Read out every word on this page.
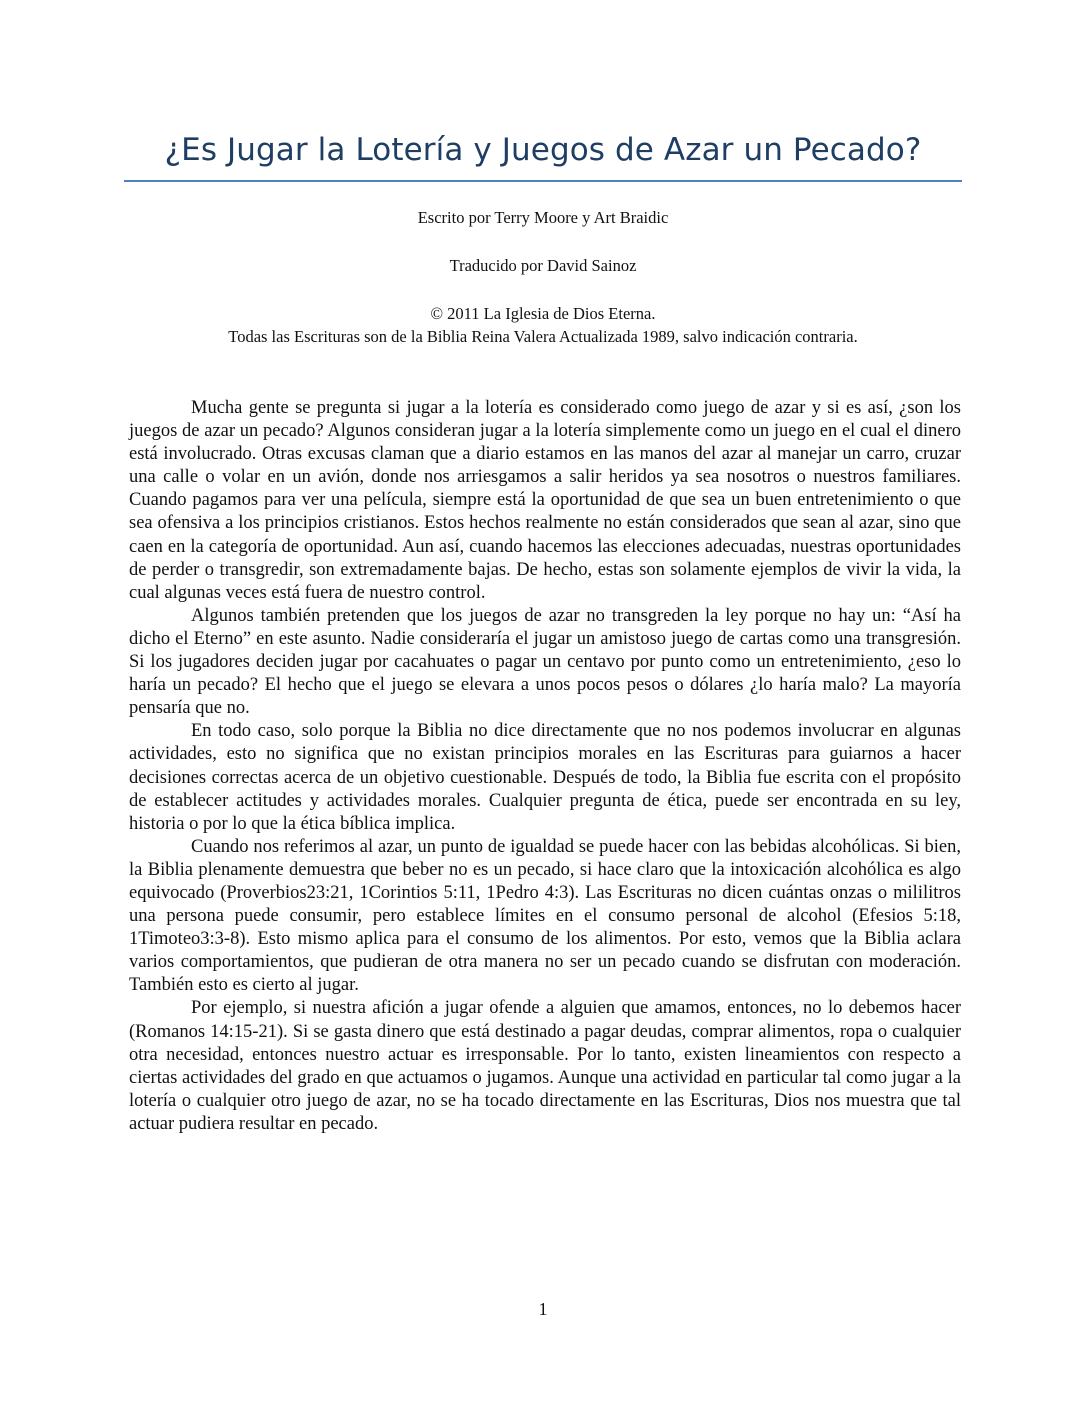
¿Es Jugar la Lotería y Juegos de Azar un Pecado?

Escrito por Terry Moore y Art Braidic

Traducido por David Sainoz

© 2011 La Iglesia de Dios Eterna.

Todas las Escrituras son de la Biblia Reina Valera Actualizada 1989, salvo indicación contraria.

Mucha gente se pregunta si jugar a la lotería es considerado como juego de azar y si es así, ¿son los juegos de azar un pecado? Algunos consideran jugar a la lotería simplemente como un juego en el cual el dinero está involucrado. Otras excusas claman que a diario estamos en las manos del azar al manejar un carro, cruzar una calle o volar en un avión, donde nos arriesgamos a salir heridos ya sea nosotros o nuestros familiares. Cuando pagamos para ver una película, siempre está la oportunidad de que sea un buen entretenimiento o que sea ofensiva a los principios cristianos. Estos hechos realmente no están considerados que sean al azar, sino que caen en la categoría de oportunidad. Aun así, cuando hacemos las elecciones adecuadas, nuestras oportunidades de perder o transgredir, son extremadamente bajas. De hecho, estas son solamente ejemplos de vivir la vida, la cual algunas veces está fuera de nuestro control.

Algunos también pretenden que los juegos de azar no transgreden la ley porque no hay un: “Así ha dicho el Eterno” en este asunto. Nadie consideraría el jugar un amistoso juego de cartas como una transgresión. Si los jugadores deciden jugar por cacahuates o pagar un centavo por punto como un entretenimiento, ¿eso lo haría un pecado? El hecho que el juego se elevara a unos pocos pesos o dólares ¿lo haría malo? La mayoría pensaría que no.

En todo caso, solo porque la Biblia no dice directamente que no nos podemos involucrar en algunas actividades, esto no significa que no existan principios morales en las Escrituras para guiarnos a hacer decisiones correctas acerca de un objetivo cuestionable. Después de todo, la Biblia fue escrita con el propósito de establecer actitudes y actividades morales. Cualquier pregunta de ética, puede ser encontrada en su ley, historia o por lo que la ética bíblica implica.

Cuando nos referimos al azar, un punto de igualdad se puede hacer con las bebidas alcohólicas. Si bien, la Biblia plenamente demuestra que beber no es un pecado, si hace claro que la intoxicación alcohólica es algo equivocado (Proverbios23:21, 1Corintios 5:11, 1Pedro 4:3). Las Escrituras no dicen cuántas onzas o mililitros una persona puede consumir, pero establece límites en el consumo personal de alcohol (Efesios 5:18, 1Timoteo3:3-8). Esto mismo aplica para el consumo de los alimentos. Por esto, vemos que la Biblia aclara varios comportamientos, que pudieran de otra manera no ser un pecado cuando se disfrutan con moderación. También esto es cierto al jugar.

Por ejemplo, si nuestra afición a jugar ofende a alguien que amamos, entonces, no lo debemos hacer (Romanos 14:15-21). Si se gasta dinero que está destinado a pagar deudas, comprar alimentos, ropa o cualquier otra necesidad, entonces nuestro actuar es irresponsable. Por lo tanto, existen lineamientos con respecto a ciertas actividades del grado en que actuamos o jugamos. Aunque una actividad en particular tal como jugar a la lotería o cualquier otro juego de azar, no se ha tocado directamente en las Escrituras, Dios nos muestra que tal actuar pudiera resultar en pecado.

1
